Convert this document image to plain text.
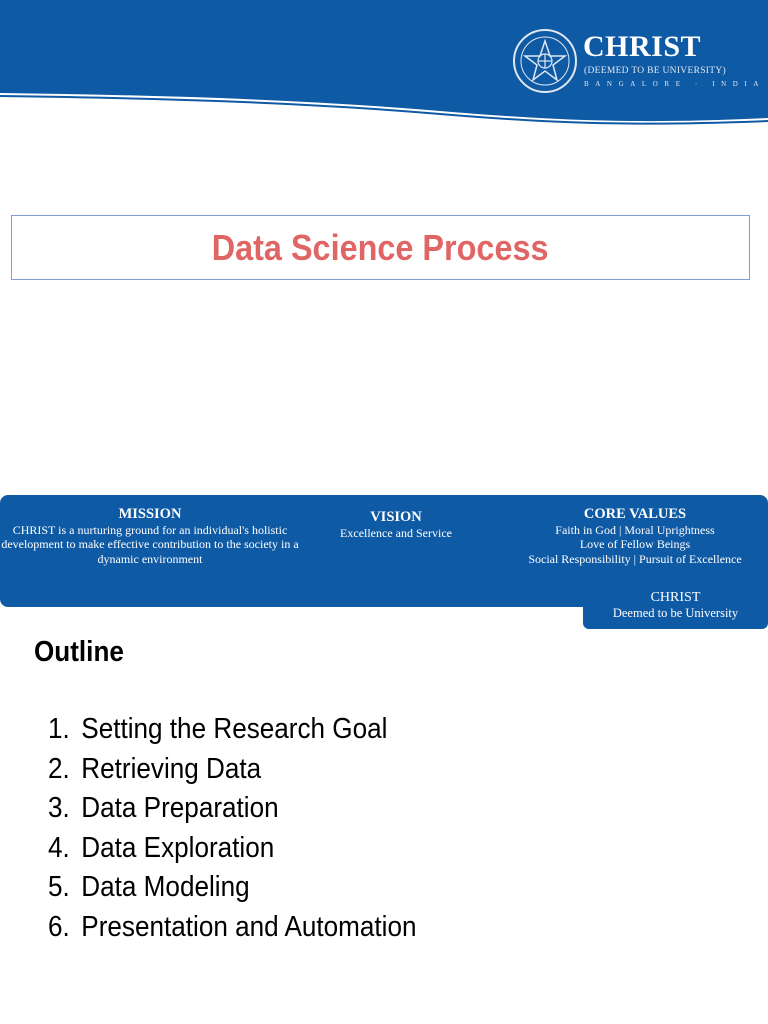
CHRIST
(DEEMED TO BE UNIVERSITY)
BANGALORE · INDIA
Data Science Process
MISSION
CHRIST is a nurturing ground for an individual's holistic development to make effective contribution to the society in a dynamic environment
VISION
Excellence and Service
CORE VALUES
Faith in God | Moral Uprightness
Love of Fellow Beings
Social Responsibility | Pursuit of Excellence
CHRIST
Deemed to be University
Outline
1. Setting the Research Goal
2. Retrieving Data
3. Data Preparation
4. Data Exploration
5. Data Modeling
6. Presentation and Automation
